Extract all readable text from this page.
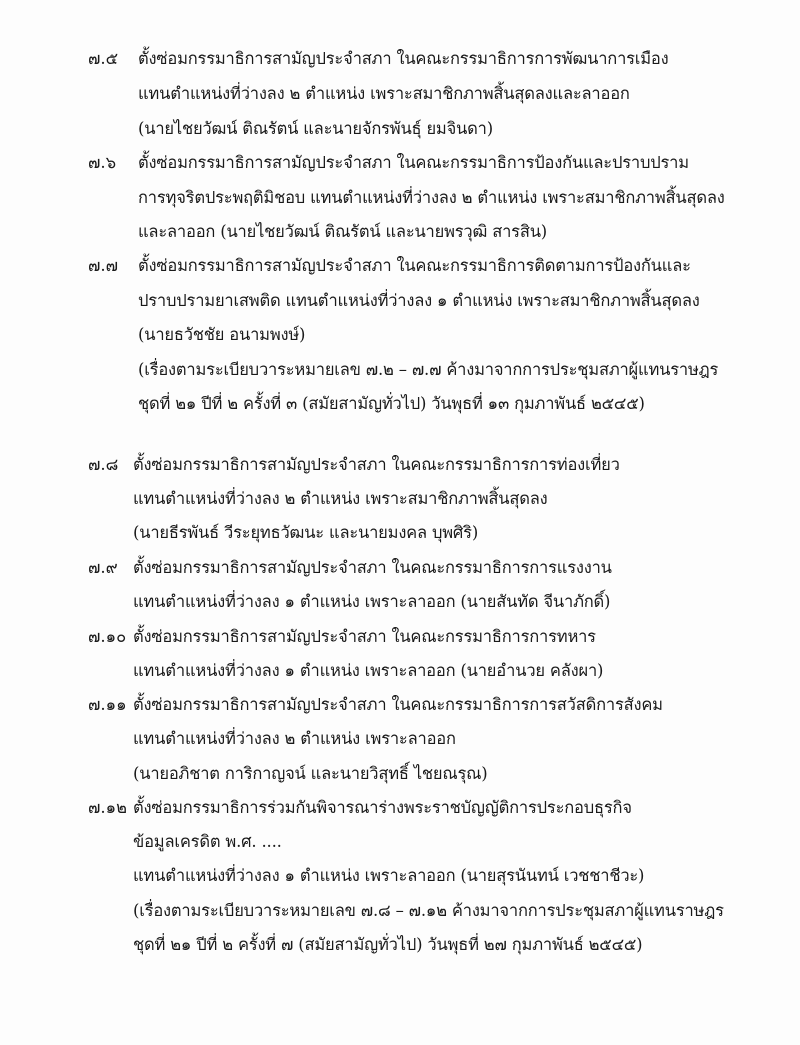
๗.๕ ตั้งซ่อมกรรมาธิการสามัญประจำสภา ในคณะกรรมาธิการการพัฒนาการเมือง
แทนตำแหน่งที่ว่างลง ๒ ตำแหน่ง เพราะสมาชิกภาพสิ้นสุดลงและลาออก
(นายไชยวัฒน์ ติณรัตน์ และนายจักรพันธุ์ ยมจินดา)
๗.๖ ตั้งซ่อมกรรมาธิการสามัญประจำสภา ในคณะกรรมาธิการป้องกันและปราบปราม
การทุจริตประพฤติมิชอบ แทนตำแหน่งที่ว่างลง ๒ ตำแหน่ง เพราะสมาชิกภาพสิ้นสุดลง
และลาออก (นายไชยวัฒน์ ติณรัตน์ และนายพรวุฒิ สารสิน)
๗.๗ ตั้งซ่อมกรรมาธิการสามัญประจำสภา ในคณะกรรมาธิการติดตามการป้องกันและ
ปราบปรามยาเสพติด แทนตำแหน่งที่ว่างลง ๑ ตำแหน่ง เพราะสมาชิกภาพสิ้นสุดลง
(นายธวัชชัย อนามพงษ์)
(เรื่องตามระเบียบวาระหมายเลข ๗.๒ – ๗.๗ ค้างมาจากการประชุมสภาผู้แทนราษฎร
ชุดที่ ๒๑ ปีที่ ๒ ครั้งที่ ๓ (สมัยสามัญทั่วไป) วันพุธที่ ๑๓ กุมภาพันธ์ ๒๕๔๕)
๗.๘ ตั้งซ่อมกรรมาธิการสามัญประจำสภา ในคณะกรรมาธิการการท่องเที่ยว
แทนตำแหน่งที่ว่างลง ๒ ตำแหน่ง เพราะสมาชิกภาพสิ้นสุดลง
(นายธีรพันธ์ วีระยุทธวัฒนะ และนายมงคล บุพศิริ)
๗.๙ ตั้งซ่อมกรรมาธิการสามัญประจำสภา ในคณะกรรมาธิการการแรงงาน
แทนตำแหน่งที่ว่างลง ๑ ตำแหน่ง เพราะลาออก (นายสันทัด จีนาภักดิ์)
๗.๑๐ ตั้งซ่อมกรรมาธิการสามัญประจำสภา ในคณะกรรมาธิการการทหาร
แทนตำแหน่งที่ว่างลง ๑ ตำแหน่ง เพราะลาออก (นายอำนวย คลังผา)
๗.๑๑ ตั้งซ่อมกรรมาธิการสามัญประจำสภา ในคณะกรรมาธิการการสวัสดิการสังคม
แทนตำแหน่งที่ว่างลง ๒ ตำแหน่ง เพราะลาออก
(นายอภิชาต การิกาญจน์ และนายวิสุทธิ์ ไชยณรุณ)
๗.๑๒ ตั้งซ่อมกรรมาธิการร่วมกันพิจารณาร่างพระราชบัญญัติการประกอบธุรกิจ
ข้อมูลเครดิต พ.ศ. ....
แทนตำแหน่งที่ว่างลง ๑ ตำแหน่ง เพราะลาออก (นายสุรนันทน์ เวชชาชีวะ)
(เรื่องตามระเบียบวาระหมายเลข ๗.๘ – ๗.๑๒ ค้างมาจากการประชุมสภาผู้แทนราษฎร
ชุดที่ ๒๑ ปีที่ ๒ ครั้งที่ ๗ (สมัยสามัญทั่วไป) วันพุธที่ ๒๗ กุมภาพันธ์ ๒๕๔๕)
